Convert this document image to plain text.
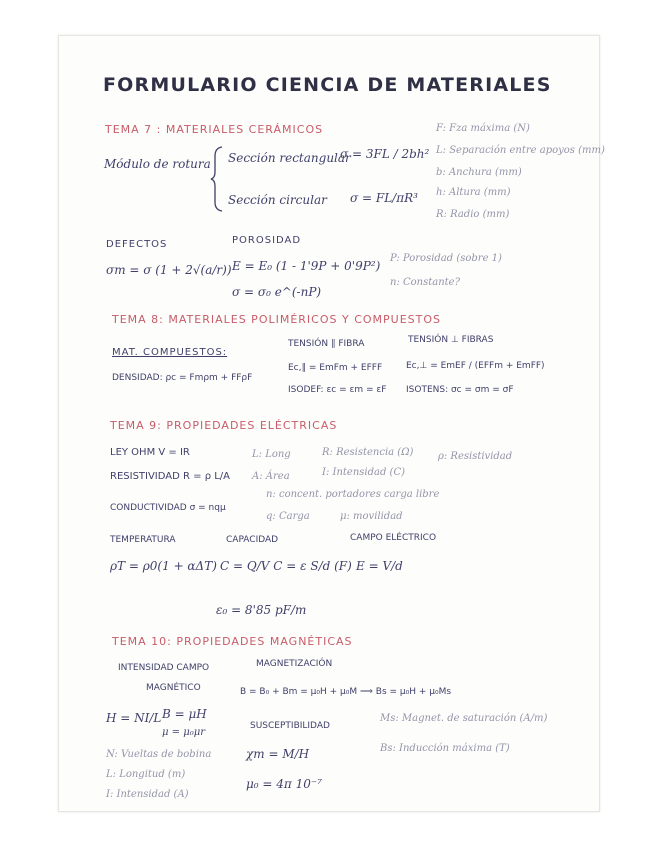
FORMULARIO CIENCIA DE MATERIALES
TEMA 7 : MATERIALES CERÁMICOS
Módulo de rotura Sección rectangular
σ = 3FL / 2bh²
Sección circular σ = FL/πR³
F: Fza máxima (N)
L: Separación entre apoyos (mm)
b: Anchura (mm)
h: Altura (mm)
R: Radio (mm)
DEFECTOS
σm = σ (1 + 2√(a/r))
POROSIDAD
E = E₀ (1 - 1'9P + 0'9P²)
σ = σ₀ e^(-nP)
P: Porosidad (sobre 1)
n: Constante?
TEMA 8: MATERIALES POLIMÉRICOS Y COMPUESTOS
MAT. COMPUESTOS:
DENSIDAD: ρc = Fmρm + FFρF
TENSIÓN ∥ FIBRA
Ec,∥ = EmFm + EFFF
ISODEF: εc = εm = εF
TENSIÓN ⊥ FIBRAS
Ec,⊥ = EmEF / (EFFm + EmFF)
ISOTENS: σc = σm = σF
TEMA 9: PROPIEDADES ELÉCTRICAS
LEY OHM V = IR
RESISTIVIDAD R = ρ L/A
L: Long
A: Área
R: Resistencia (Ω)
I: Intensidad (C)
ρ: Resistividad
CONDUCTIVIDAD σ = nqμ
n: concent. portadores carga libre
q: Carga	μ: movilidad
TEMPERATURA
ρT = ρ0(1 + αΔT)
CAPACIDAD
C = Q/V C = ε S/d (F)
CAMPO ELÉCTRICO
E = V/d
ε₀ = 8'85 pF/m
TEMA 10: PROPIEDADES MAGNÉTICAS
INTENSIDAD CAMPO
MAGNÉTICO
H = NI/L B = μH
μ = μ₀μr
MAGNETIZACIÓN
B = B₀ + Bm = μ₀H + μ₀M ⟹ Bs = μ₀H + μ₀Ms
SUSCEPTIBILIDAD
χm = M/H
μ₀ = 4π 10⁻⁷
Ms: Magnet. de saturación (A/m)
Bs: Inducción máxima (T)
N: Vueltas de bobina
L: Longitud (m)
I: Intensidad (A)
